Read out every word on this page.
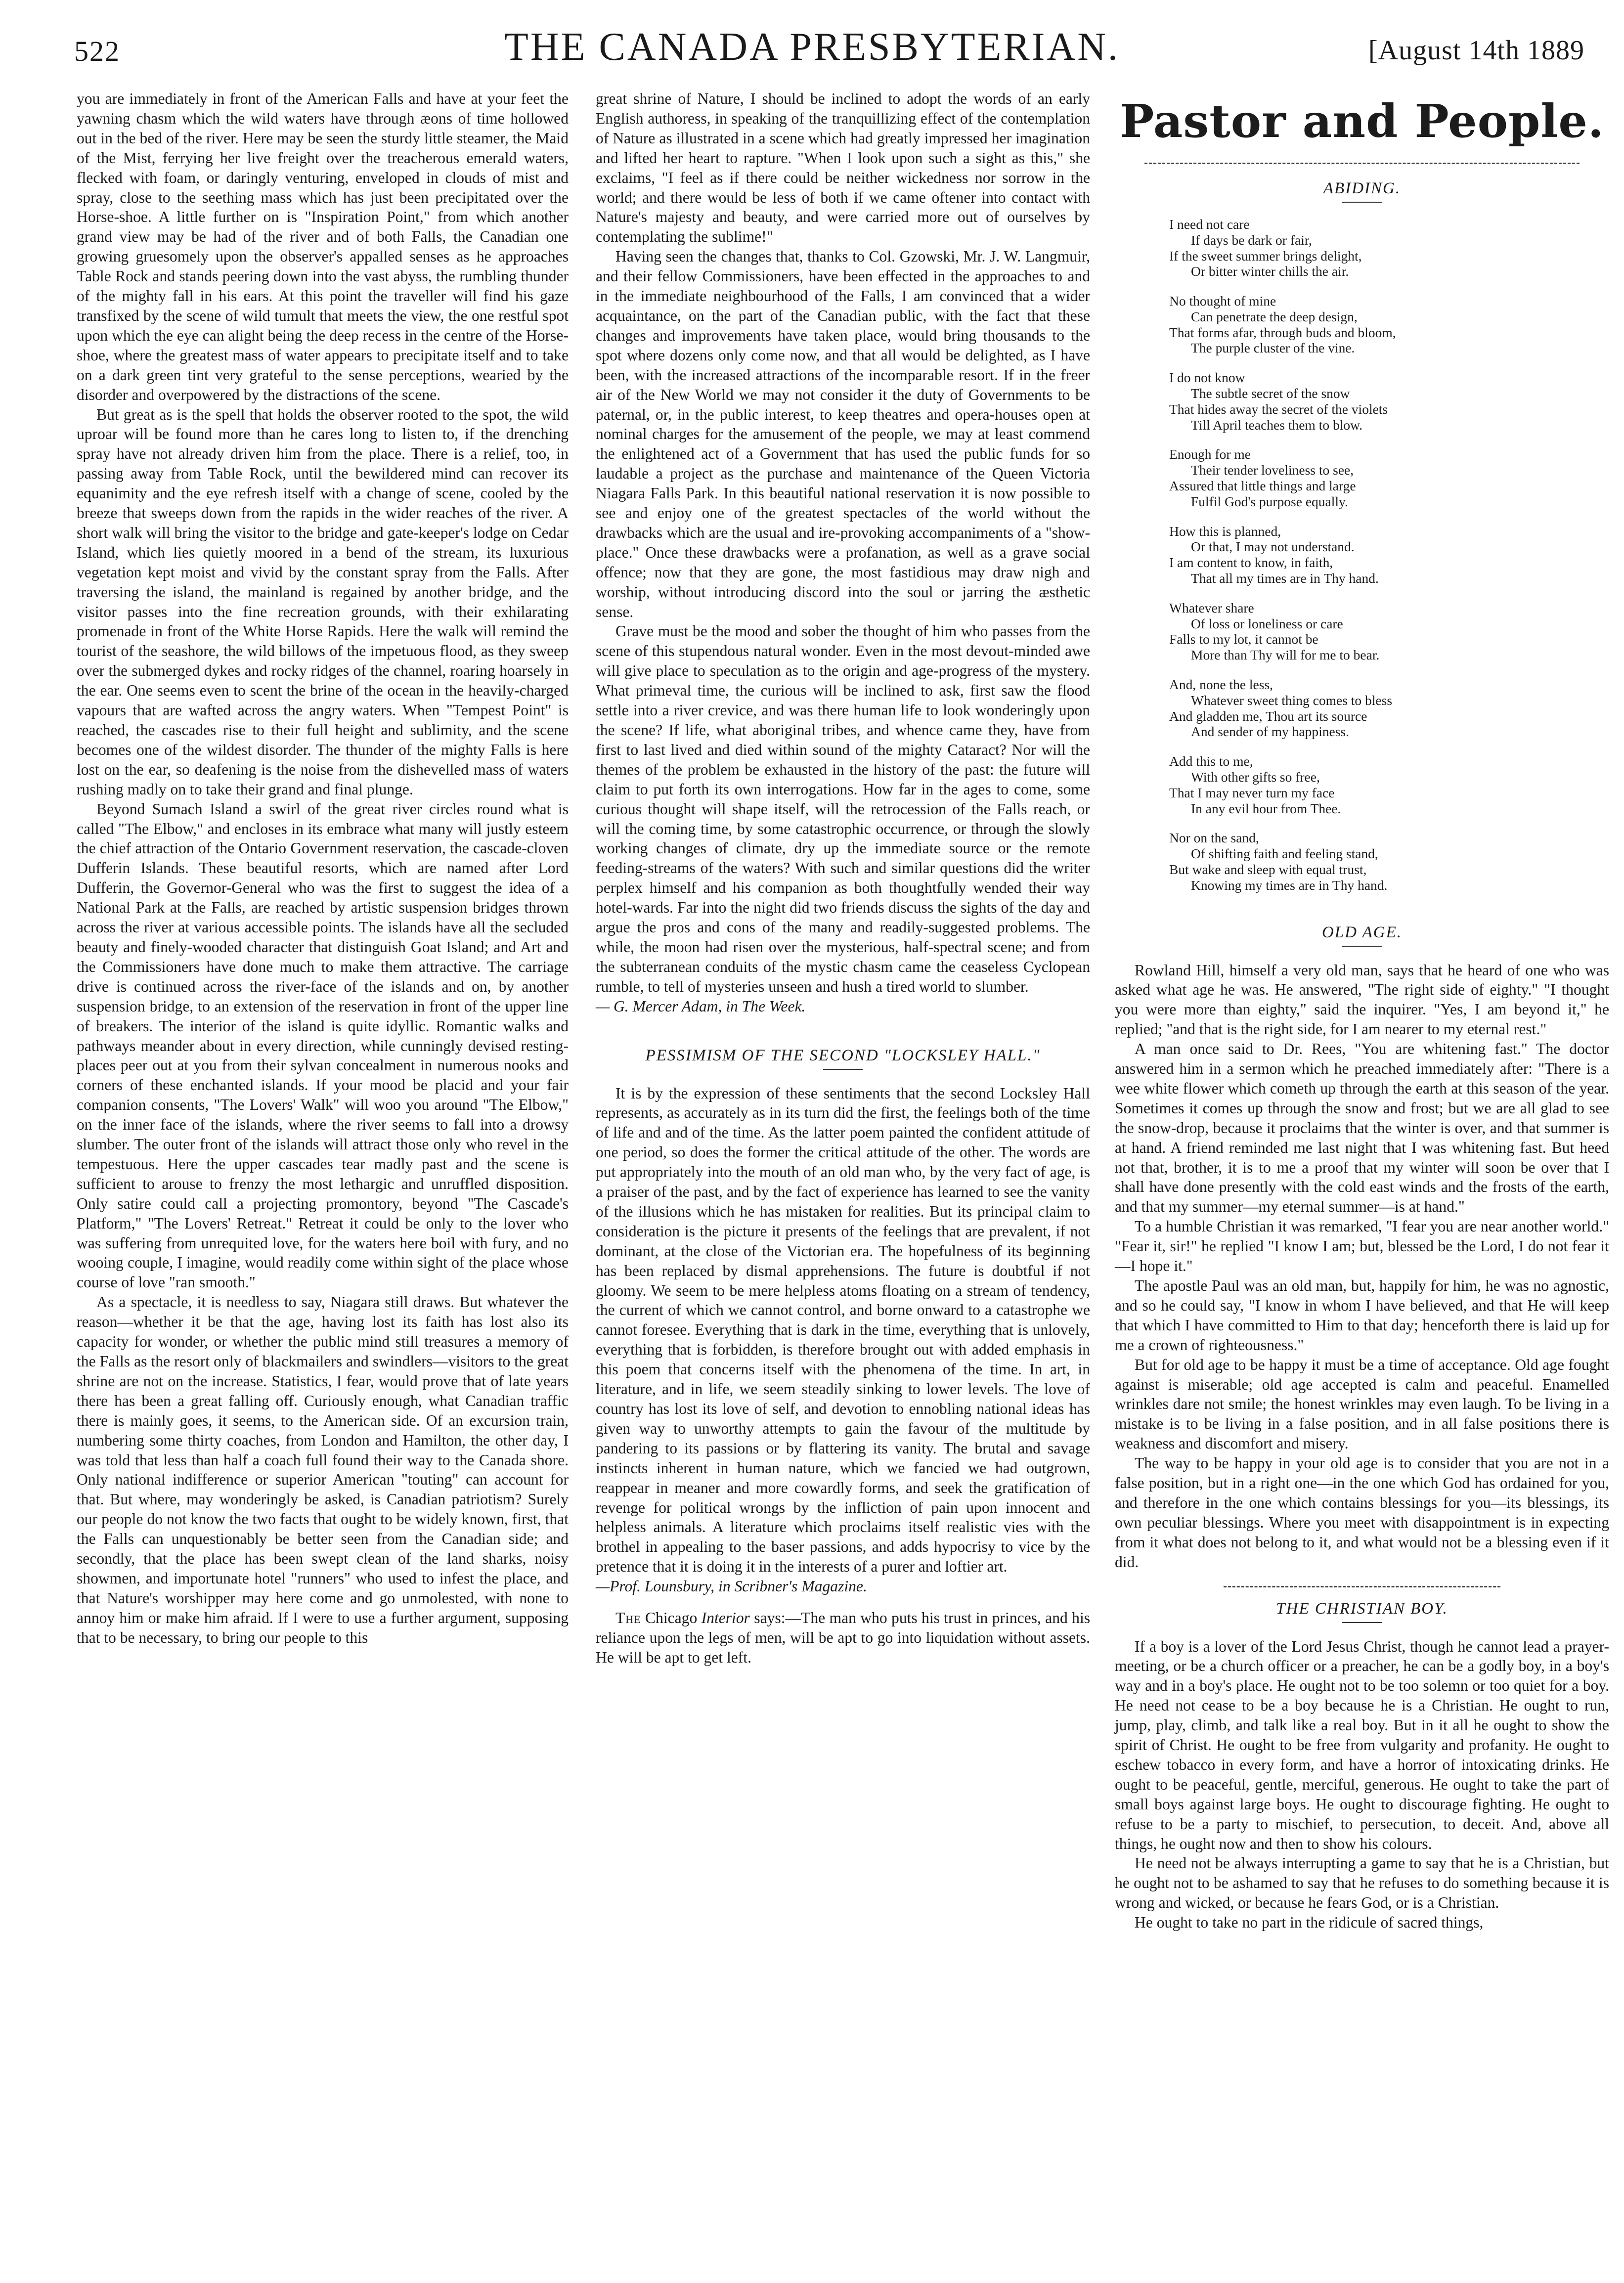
522	THE CANADA PRESBYTERIAN.	[August 14th 1889

you are immediately in front of the American Falls and have at your feet the yawning chasm which the wild waters have through æons of time hollowed out in the bed of the river. Here may be seen the sturdy little steamer, the Maid of the Mist, ferrying her live freight over the treacherous emerald waters, flecked with foam, or daringly venturing, enveloped in clouds of mist and spray, close to the seething mass which has just been precipitated over the Horse-shoe. A little further on is "Inspiration Point," from which another grand view may be had of the river and of both Falls, the Canadian one growing gruesomely upon the observer's appalled senses as he approaches Table Rock and stands peering down into the vast abyss, the rumbling thunder of the mighty fall in his ears. At this point the traveller will find his gaze transfixed by the scene of wild tumult that meets the view, the one restful spot upon which the eye can alight being the deep recess in the centre of the Horse-shoe, where the greatest mass of water appears to precipitate itself and to take on a dark green tint very grateful to the sense perceptions, wearied by the disorder and overpowered by the distractions of the scene.

But great as is the spell that holds the observer rooted to the spot, the wild uproar will be found more than he cares long to listen to, if the drenching spray have not already driven him from the place. There is a relief, too, in passing away from Table Rock, until the bewildered mind can recover its equanimity and the eye refresh itself with a change of scene, cooled by the breeze that sweeps down from the rapids in the wider reaches of the river. A short walk will bring the visitor to the bridge and gate-keeper's lodge on Cedar Island, which lies quietly moored in a bend of the stream, its luxurious vegetation kept moist and vivid by the constant spray from the Falls. After traversing the island, the mainland is regained by another bridge, and the visitor passes into the fine recreation grounds, with their exhilarating promenade in front of the White Horse Rapids. Here the walk will remind the tourist of the seashore, the wild billows of the impetuous flood, as they sweep over the submerged dykes and rocky ridges of the channel, roaring hoarsely in the ear. One seems even to scent the brine of the ocean in the heavily-charged vapours that are wafted across the angry waters. When "Tempest Point" is reached, the cascades rise to their full height and sublimity, and the scene becomes one of the wildest disorder. The thunder of the mighty Falls is here lost on the ear, so deafening is the noise from the dishevelled mass of waters rushing madly on to take their grand and final plunge.

Beyond Sumach Island a swirl of the great river circles round what is called "The Elbow," and encloses in its embrace what many will justly esteem the chief attraction of the Ontario Government reservation, the cascade-cloven Dufferin Islands. These beautiful resorts, which are named after Lord Dufferin, the Governor-General who was the first to suggest the idea of a National Park at the Falls, are reached by artistic suspension bridges thrown across the river at various accessible points. The islands have all the secluded beauty and finely-wooded character that distinguish Goat Island; and Art and the Commissioners have done much to make them attractive. The carriage drive is continued across the river-face of the islands and on, by another suspension bridge, to an extension of the reservation in front of the upper line of breakers. The interior of the island is quite idyllic. Romantic walks and pathways meander about in every direction, while cunningly devised resting-places peer out at you from their sylvan concealment in numerous nooks and corners of these enchanted islands. If your mood be placid and your fair companion consents, "The Lovers' Walk" will woo you around "The Elbow," on the inner face of the islands, where the river seems to fall into a drowsy slumber. The outer front of the islands will attract those only who revel in the tempestuous. Here the upper cascades tear madly past and the scene is sufficient to arouse to frenzy the most lethargic and unruffled disposition. Only satire could call a projecting promontory, beyond "The Cascade's Platform," "The Lovers' Retreat." Retreat it could be only to the lover who was suffering from unrequited love, for the waters here boil with fury, and no wooing couple, I imagine, would readily come within sight of the place whose course of love "ran smooth."

As a spectacle, it is needless to say, Niagara still draws. But whatever the reason—whether it be that the age, having lost its faith has lost also its capacity for wonder, or whether the public mind still treasures a memory of the Falls as the resort only of blackmailers and swindlers—visitors to the great shrine are not on the increase. Statistics, I fear, would prove that of late years there has been a great falling off. Curiously enough, what Canadian traffic there is mainly goes, it seems, to the American side. Of an excursion train, numbering some thirty coaches, from London and Hamilton, the other day, I was told that less than half a coach full found their way to the Canada shore. Only national indifference or superior American "touting" can account for that. But where, may wonderingly be asked, is Canadian patriotism? Surely our people do not know the two facts that ought to be widely known, first, that the Falls can unquestionably be better seen from the Canadian side; and secondly, that the place has been swept clean of the land sharks, noisy showmen, and importunate hotel "runners" who used to infest the place, and that Nature's worshipper may here come and go unmolested, with none to annoy him or make him afraid. If I were to use a further argument, supposing that to be necessary, to bring our people to this

great shrine of Nature, I should be inclined to adopt the words of an early English authoress, in speaking of the tranquillizing effect of the contemplation of Nature as illustrated in a scene which had greatly impressed her imagination and lifted her heart to rapture. "When I look upon such a sight as this," she exclaims, "I feel as if there could be neither wickedness nor sorrow in the world; and there would be less of both if we came oftener into contact with Nature's majesty and beauty, and were carried more out of ourselves by contemplating the sublime!"

Having seen the changes that, thanks to Col. Gzowski, Mr. J. W. Langmuir, and their fellow Commissioners, have been effected in the approaches to and in the immediate neighbourhood of the Falls, I am convinced that a wider acquaintance, on the part of the Canadian public, with the fact that these changes and improvements have taken place, would bring thousands to the spot where dozens only come now, and that all would be delighted, as I have been, with the increased attractions of the incomparable resort. If in the freer air of the New World we may not consider it the duty of Governments to be paternal, or, in the public interest, to keep theatres and opera-houses open at nominal charges for the amusement of the people, we may at least commend the enlightened act of a Government that has used the public funds for so laudable a project as the purchase and maintenance of the Queen Victoria Niagara Falls Park. In this beautiful national reservation it is now possible to see and enjoy one of the greatest spectacles of the world without the drawbacks which are the usual and ire-provoking accompaniments of a "show-place." Once these drawbacks were a profanation, as well as a grave social offence; now that they are gone, the most fastidious may draw nigh and worship, without introducing discord into the soul or jarring the æsthetic sense.

Grave must be the mood and sober the thought of him who passes from the scene of this stupendous natural wonder. Even in the most devout-minded awe will give place to speculation as to the origin and age-progress of the mystery. What primeval time, the curious will be inclined to ask, first saw the flood settle into a river crevice, and was there human life to look wonderingly upon the scene? If life, what aboriginal tribes, and whence came they, have from first to last lived and died within sound of the mighty Cataract? Nor will the themes of the problem be exhausted in the history of the past: the future will claim to put forth its own interrogations. How far in the ages to come, some curious thought will shape itself, will the retrocession of the Falls reach, or will the coming time, by some catastrophic occurrence, or through the slowly working changes of climate, dry up the immediate source or the remote feeding-streams of the waters? With such and similar questions did the writer perplex himself and his companion as both thoughtfully wended their way hotel-wards. Far into the night did two friends discuss the sights of the day and argue the pros and cons of the many and readily-suggested problems. The while, the moon had risen over the mysterious, half-spectral scene; and from the subterranean conduits of the mystic chasm came the ceaseless Cyclopean rumble, to tell of mysteries unseen and hush a tired world to slumber.

— G. Mercer Adam, in The Week.

PESSIMISM OF THE SECOND "LOCKSLEY HALL."

It is by the expression of these sentiments that the second Locksley Hall represents, as accurately as in its turn did the first, the feelings both of the time of life and and of the time. As the latter poem painted the confident attitude of one period, so does the former the critical attitude of the other. The words are put appropriately into the mouth of an old man who, by the very fact of age, is a praiser of the past, and by the fact of experience has learned to see the vanity of the illusions which he has mistaken for realities. But its principal claim to consideration is the picture it presents of the feelings that are prevalent, if not dominant, at the close of the Victorian era. The hopefulness of its beginning has been replaced by dismal apprehensions. The future is doubtful if not gloomy. We seem to be mere helpless atoms floating on a stream of tendency, the current of which we cannot control, and borne onward to a catastrophe we cannot foresee. Everything that is dark in the time, everything that is unlovely, everything that is forbidden, is therefore brought out with added emphasis in this poem that concerns itself with the phenomena of the time. In art, in literature, and in life, we seem steadily sinking to lower levels. The love of country has lost its love of self, and devotion to ennobling national ideas has given way to unworthy attempts to gain the favour of the multitude by pandering to its passions or by flattering its vanity. The brutal and savage instincts inherent in human nature, which we fancied we had outgrown, reappear in meaner and more cowardly forms, and seek the gratification of revenge for political wrongs by the infliction of pain upon innocent and helpless animals. A literature which proclaims itself realistic vies with the brothel in appealing to the baser passions, and adds hypocrisy to vice by the pretence that it is doing it in the interests of a purer and loftier art.

—Prof. Lounsbury, in Scribner's Magazine.

The Chicago Interior says:—The man who puts his trust in princes, and his reliance upon the legs of men, will be apt to go into liquidation without assets. He will be apt to get left.

Pastor and People.
ABIDING.
I need not care
If days be dark or fair,
If the sweet summer brings delight,
Or bitter winter chills the air.
No thought of mine
Can penetrate the deep design,
That forms afar, through buds and bloom,
The purple cluster of the vine.
I do not know
The subtle secret of the snow
That hides away the secret of the violets
Till April teaches them to blow.
Enough for me
Their tender loveliness to see,
Assured that little things and large
Fulfil God's purpose equally.
How this is planned,
Or that, I may not understand.
I am content to know, in faith,
That all my times are in Thy hand.
Whatever share
Of loss or loneliness or care
Falls to my lot, it cannot be
More than Thy will for me to bear.
And, none the less,
Whatever sweet thing comes to bless
And gladden me, Thou art its source
And sender of my happiness.
Add this to me,
With other gifts so free,
That I may never turn my face
In any evil hour from Thee.
Nor on the sand,
Of shifting faith and feeling stand,
But wake and sleep with equal trust,
Knowing my times are in Thy hand.
OLD AGE.

Rowland Hill, himself a very old man, says that he heard of one who was asked what age he was. He answered, "The right side of eighty." "I thought you were more than eighty," said the inquirer. "Yes, I am beyond it," he replied; "and that is the right side, for I am nearer to my eternal rest."

A man once said to Dr. Rees, "You are whitening fast." The doctor answered him in a sermon which he preached immediately after: "There is a wee white flower which cometh up through the earth at this season of the year. Sometimes it comes up through the snow and frost; but we are all glad to see the snow-drop, because it proclaims that the winter is over, and that summer is at hand. A friend reminded me last night that I was whitening fast. But heed not that, brother, it is to me a proof that my winter will soon be over that I shall have done presently with the cold east winds and the frosts of the earth, and that my summer—my eternal summer—is at hand."

To a humble Christian it was remarked, "I fear you are near another world." "Fear it, sir!" he replied "I know I am; but, blessed be the Lord, I do not fear it—I hope it."

The apostle Paul was an old man, but, happily for him, he was no agnostic, and so he could say, "I know in whom I have believed, and that He will keep that which I have committed to Him to that day; henceforth there is laid up for me a crown of righteousness."

But for old age to be happy it must be a time of acceptance. Old age fought against is miserable; old age accepted is calm and peaceful. Enamelled wrinkles dare not smile; the honest wrinkles may even laugh. To be living in a mistake is to be living in a false position, and in all false positions there is weakness and discomfort and misery.

The way to be happy in your old age is to consider that you are not in a false position, but in a right one—in the one which God has ordained for you, and therefore in the one which contains blessings for you—its blessings, its own peculiar blessings. Where you meet with disappointment is in expecting from it what does not belong to it, and what would not be a blessing even if it did.

THE CHRISTIAN BOY.

If a boy is a lover of the Lord Jesus Christ, though he cannot lead a prayer-meeting, or be a church officer or a preacher, he can be a godly boy, in a boy's way and in a boy's place. He ought not to be too solemn or too quiet for a boy. He need not cease to be a boy because he is a Christian. He ought to run, jump, play, climb, and talk like a real boy. But in it all he ought to show the spirit of Christ. He ought to be free from vulgarity and profanity. He ought to eschew tobacco in every form, and have a horror of intoxicating drinks. He ought to be peaceful, gentle, merciful, generous. He ought to take the part of small boys against large boys. He ought to discourage fighting. He ought to refuse to be a party to mischief, to persecution, to deceit. And, above all things, he ought now and then to show his colours.

He need not be always interrupting a game to say that he is a Christian, but he ought not to be ashamed to say that he refuses to do something because it is wrong and wicked, or because he fears God, or is a Christian.

He ought to take no part in the ridicule of sacred things,
